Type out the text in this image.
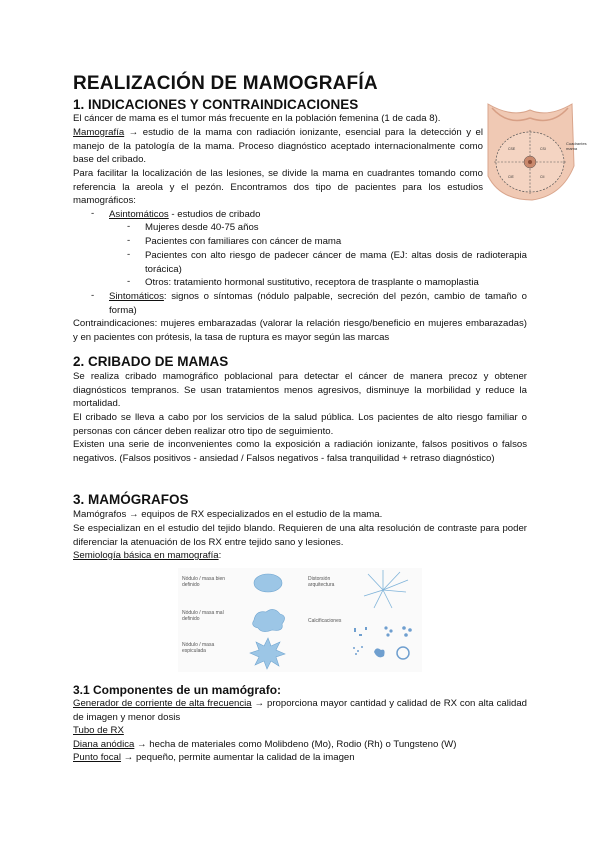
REALIZACIÓN DE MAMOGRAFÍA
1. INDICACIONES Y CONTRAINDICACIONES
El cáncer de mama es el tumor más frecuente en la población femenina (1 de cada 8).
Mamografía → estudio de la mama con radiación ionizante, esencial para la detección y el manejo de la patología de la mama. Proceso diagnóstico aceptado internacionalmente como base del cribado.
Para facilitar la localización de las lesiones, se divide la mama en cuadrantes tomando como referencia la areola y el pezón. Encontramos dos tipo de pacientes para los estudios mamográficos:
- Asintomáticos - estudios de cribado
- Mujeres desde 40-75 años
- Pacientes con familiares con cáncer de mama
- Pacientes con alto riesgo de padecer cáncer de mama (EJ: altas dosis de radioterapia torácica)
- Otros: tratamiento hormonal sustitutivo, receptora de trasplante o mamoplastia
- Sintomáticos: signos o síntomas (nódulo palpable, secreción del pezón, cambio de tamaño o forma)
Contraindicaciones: mujeres embarazadas (valorar la relación riesgo/beneficio en mujeres embarazadas) y en pacientes con prótesis, la tasa de ruptura es mayor según las marcas
CSE	CSI
CIE	CII
Cuadrantes mama
2. CRIBADO DE MAMAS
Se realiza cribado mamográfico poblacional para detectar el cáncer de manera precoz y obtener diagnósticos tempranos. Se usan tratamientos menos agresivos, disminuye la morbilidad y reduce la mortalidad.
El cribado se lleva a cabo por los servicios de la salud pública. Los pacientes de alto riesgo familiar o personas con cáncer deben realizar otro tipo de seguimiento.
Existen una serie de inconvenientes como la exposición a radiación ionizante, falsos positivos o falsos negativos. (Falsos positivos - ansiedad / Falsos negativos - falsa tranquilidad + retraso diagnóstico)
3. MAMÓGRAFOS
Mamógrafos → equipos de RX especializados en el estudio de la mama.
Se especializan en el estudio del tejido blando. Requieren de una alta resolución de contraste para poder diferenciar la atenuación de los RX entre tejido sano y lesiones.
Semiología básica en mamografía:
Nódulo / masa bien definido
Nódulo / masa mal definido
Nódulo / masa espiculada
Distorsión arquitectura
Calcificaciones
3.1 Componentes de un mamógrafo:
Generador de corriente de alta frecuencia → proporciona mayor cantidad y calidad de RX con alta calidad de imagen y menor dosis
Tubo de RX
Diana anódica → hecha de materiales como Molibdeno (Mo), Rodio (Rh) o Tungsteno (W)
Punto focal → pequeño, permite aumentar la calidad de la imagen
